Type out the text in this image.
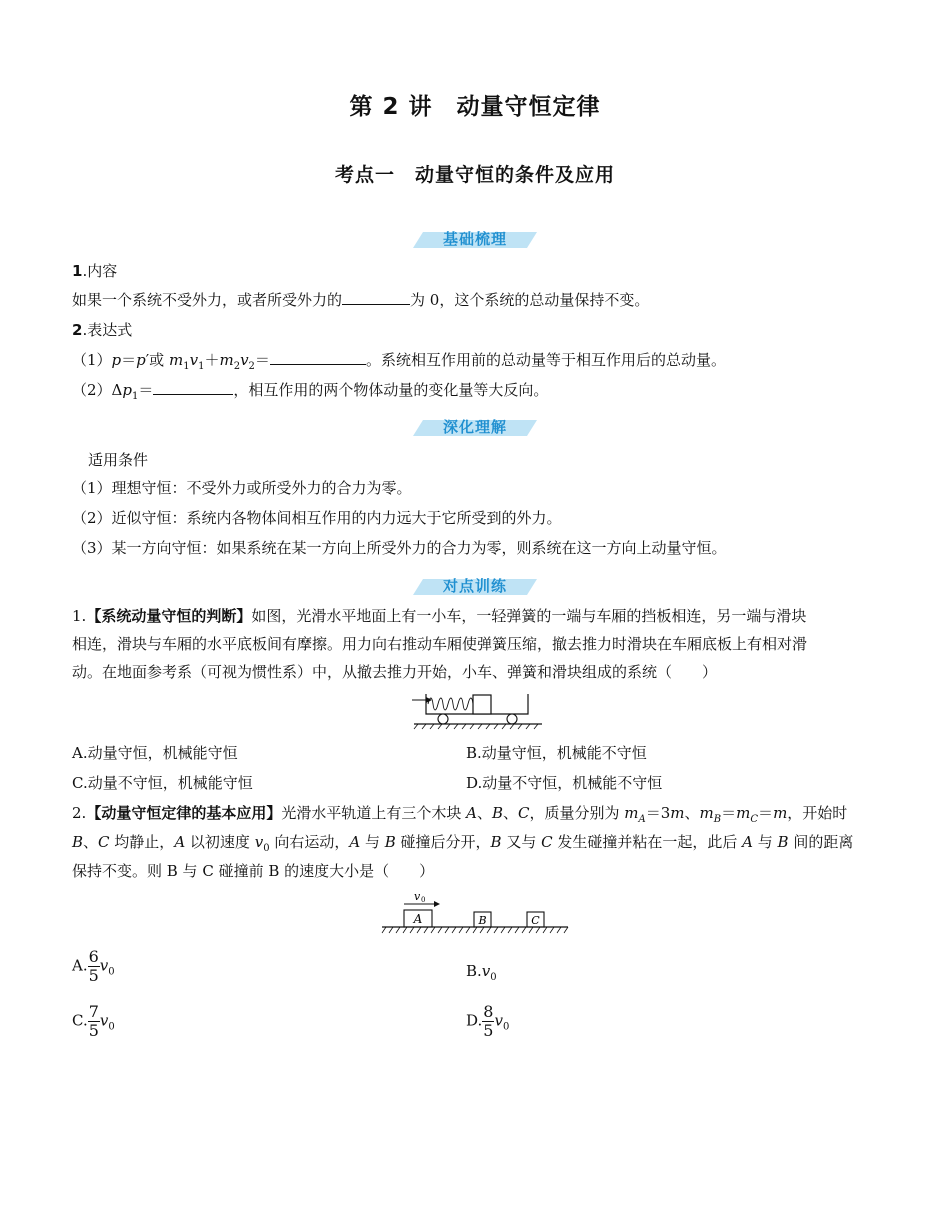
第 2 讲　动量守恒定律
考点一　动量守恒的条件及应用
基础梳理
1.内容
如果一个系统不受外力，或者所受外力的	为 0，这个系统的总动量保持不变。
2.表达式
（1）p＝p′或 $m_1v_1+m_2v_2=$	。系统相互作用前的总动量等于相互作用后的总动量。
$(2)\Delta p_1=$	，相互作用的两个物体动量的变化量等大反向。
深化理解
适用条件
（1）理想守恒：不受外力或所受外力的合力为零。
（2）近似守恒：系统内各物体间相互作用的内力远大于它所受到的外力。
（3）某一方向守恒：如果系统在某一方向上所受外力的合力为零，则系统在这一方向上动量守恒。
对点训练
1.【系统动量守恒的判断】如图，光滑水平地面上有一小车，一轻弹簧的一端与车厢的挡板相连，另一端与滑块
相连，滑块与车厢的水平底板间有摩擦。用力向右推动车厢使弹簧压缩，撤去推力时滑块在车厢底板上有相对滑
动。在地面参考系（可视为惯性系）中，从撤去推力开始，小车、弹簧和滑块组成的系统（　　）
A.动量守恒，机械能守恒	B.动量守恒，机械能不守恒
C.动量不守恒，机械能守恒	D.动量不守恒，机械能不守恒
2.【动量守恒定律的基本应用】光滑水平轨道上有三个木块 A、B、C，质量分别为 $m_A=3m$、$m_B=m_C=m$，开始时
B、C 均静止，A 以初速度 $v_0$ 向右运动，A 与 B 碰撞后分开，B 又与 C 发生碰撞并粘在一起，此后 A 与 B 间的距离
保持不变。则 B 与 C 碰撞前 B 的速度大小是（　　）
v 0
A	B	C
A. $\frac{6}{5} v_0$	$B.v_0$
C. $\frac{7}{5} v_0$	D. $\frac{8}{5} v_0$
